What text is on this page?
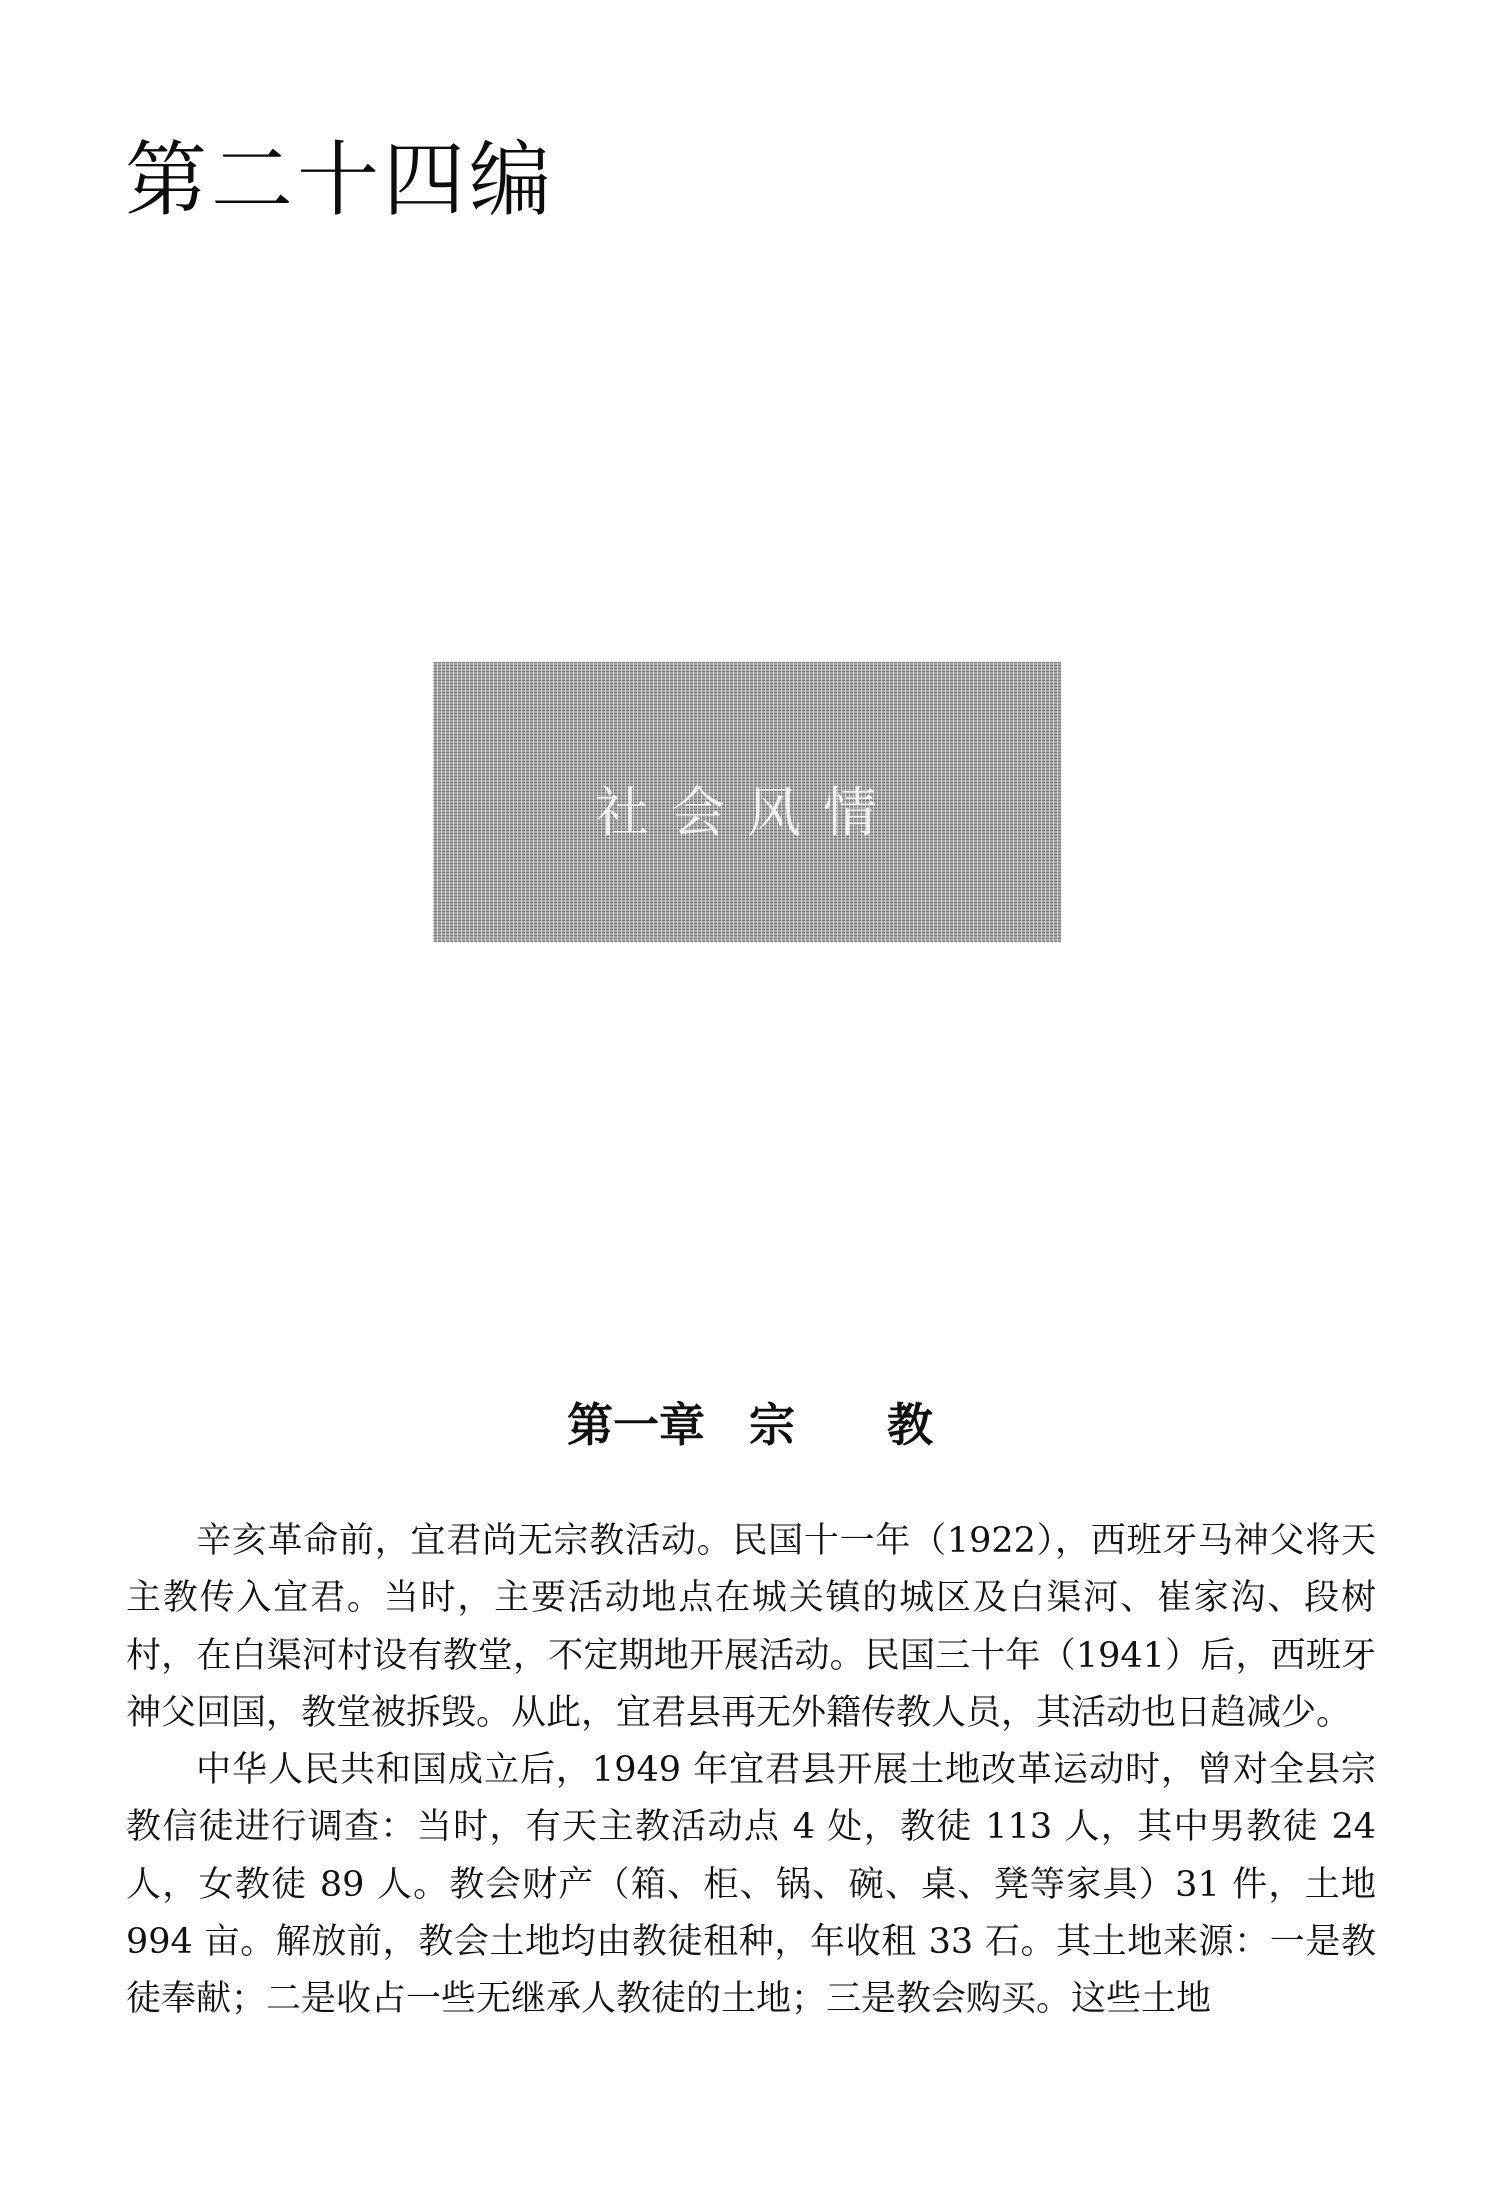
第二十四编
社会风情
第一章 宗 教

辛亥革命前，宜君尚无宗教活动。民国十一年（1922），西班牙马神父将天主教传入宜君。当时，主要活动地点在城关镇的城区及白渠河、崔家沟、段树村，在白渠河村设有教堂，不定期地开展活动。民国三十年（1941）后，西班牙神父回国，教堂被拆毁。从此，宜君县再无外籍传教人员，其活动也日趋减少。

中华人民共和国成立后，1949 年宜君县开展土地改革运动时，曾对全县宗教信徒进行调查：当时，有天主教活动点 4 处，教徒 113 人，其中男教徒 24 人，女教徒 89 人。教会财产（箱、柜、锅、碗、桌、凳等家具）31 件，土地 994 亩。解放前，教会土地均由教徒租种，年收租 33 石。其土地来源：一是教徒奉献；二是收占一些无继承人教徒的土地；三是教会购买。这些土地
